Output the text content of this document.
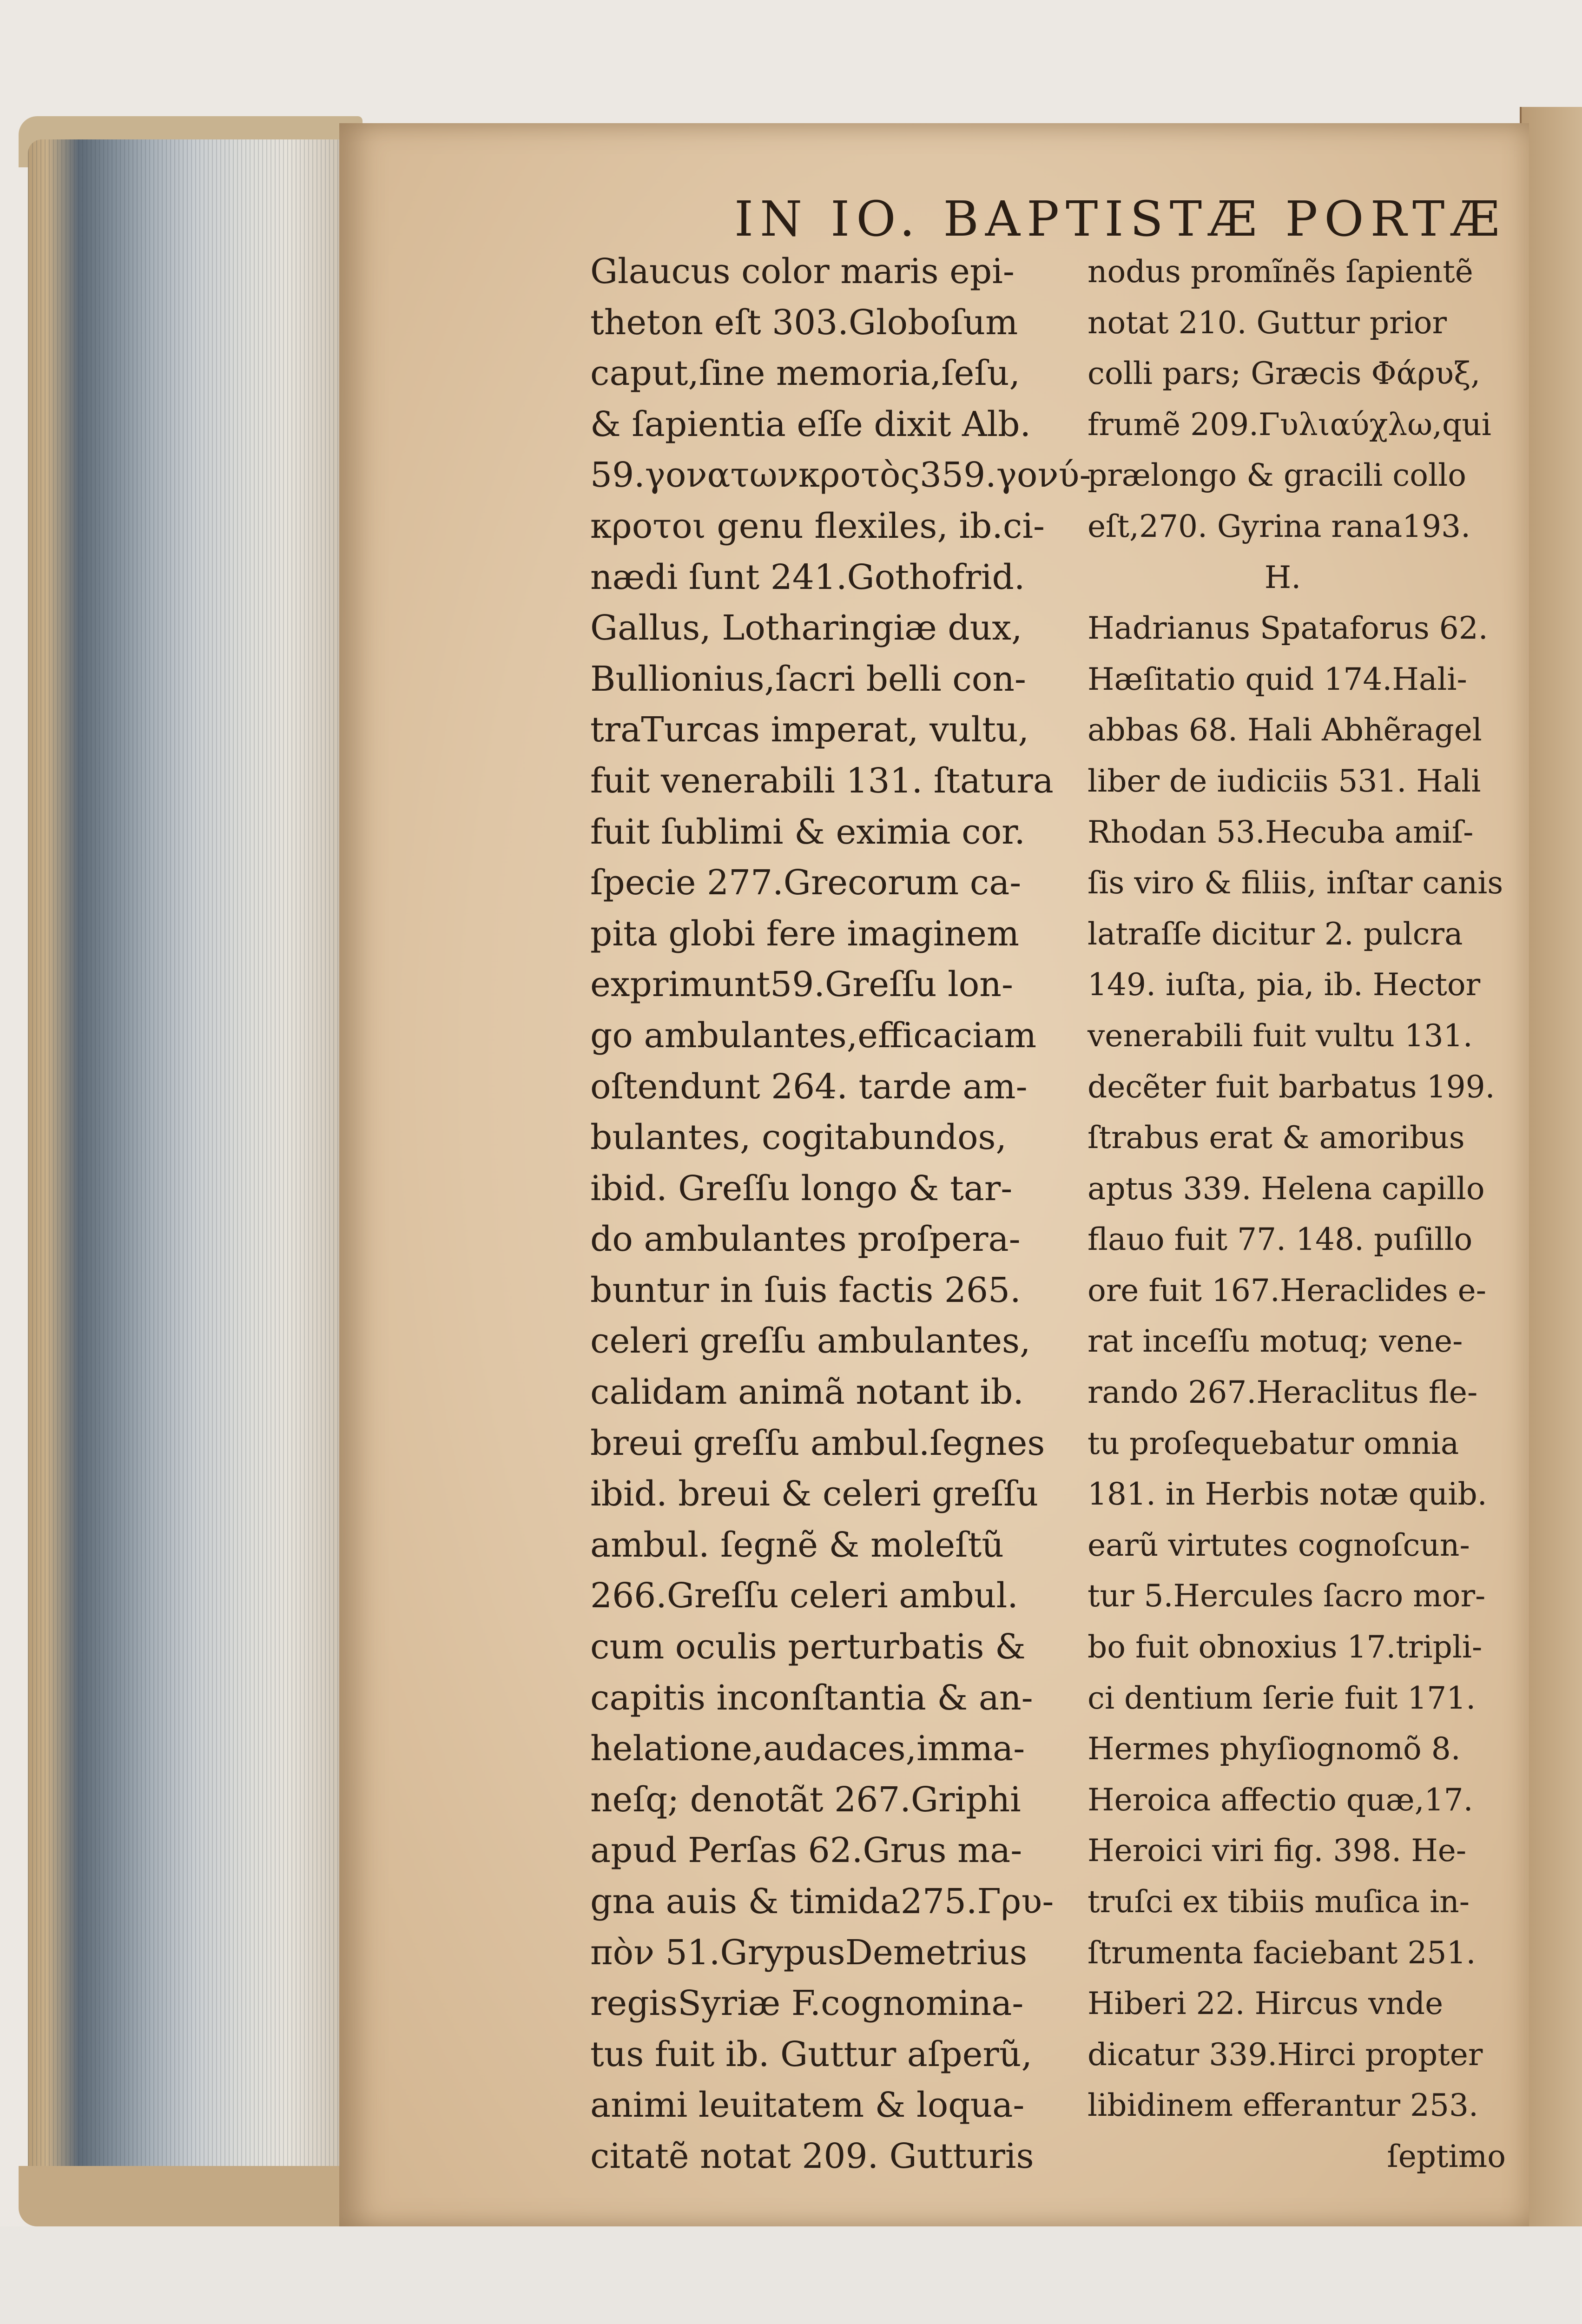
IN IO. BAPTISTÆ PORTÆ
Glaucus color maris epi-
theton eſt 303.Globoſum
caput,ſine memoria,ſeſu,
& ſapientia eſſe dixit Alb.
59.γονατωνκροτὸς359.γονύ-
κροτοι genu flexiles, ib.ci-
nædi ſunt 241.Gothofrid.
Gallus, Lotharingiæ dux,
Bullionius,ſacri belli con-
traTurcas imperat, vultu,
fuit venerabili 131. ſtatura
fuit ſublimi & eximia cor.
ſpecie 277.Grecorum ca-
pita globi fere imaginem
exprimunt59.Greſſu lon-
go ambulantes,efficaciam
oſtendunt 264. tarde am-
bulantes, cogitabundos,
ibid. Greſſu longo & tar-
do ambulantes proſpera-
buntur in ſuis factis 265.
celeri greſſu ambulantes,
calidam animã notant ib.
breui greſſu ambul.ſegnes
ibid. breui & celeri greſſu
ambul. ſegnẽ & moleſtũ
266.Greſſu celeri ambul.
cum oculis perturbatis &
capitis inconſtantia & an-
helatione,audaces,imma-
neſq; denotãt 267.Griphi
apud Perſas 62.Grus ma-
gna auis & timida275.Γρυ-
πὸν 51.GrypusDemetrius
regisSyriæ F.cognomina-
tus fuit ib. Guttur aſperũ,
animi leuitatem & loqua-
citatẽ notat 209. Gutturis
nodus promĩnẽs ſapientẽ
notat 210. Guttur prior
colli pars; Græcis Φάρυξ,
frumẽ 209.Γυλιαύχλω,qui
prælongo & gracili collo
eſt,270. Gyrina rana193.
H.
Hadrianus Spataforus 62.
Hæſitatio quid 174.Hali-
abbas 68. Hali Abhẽragel
liber de iudiciis 531. Hali
Rhodan 53.Hecuba amiſ-
ſis viro & filiis, inſtar canis
latraſſe dicitur 2. pulcra
149. iuſta, pia, ib. Hector
venerabili fuit vultu 131.
decẽter fuit barbatus 199.
ſtrabus erat & amoribus
aptus 339. Helena capillo
flauo fuit 77. 148. puſillo
ore fuit 167.Heraclides e-
rat inceſſu motuq; vene-
rando 267.Heraclitus fle-
tu proſequebatur omnia
181. in Herbis notæ quib.
earũ virtutes cognoſcun-
tur 5.Hercules ſacro mor-
bo fuit obnoxius 17.tripli-
ci dentium ſerie fuit 171.
Hermes phyſiognomõ 8.
Heroica affectio quæ,17.
Heroici viri fig. 398. He-
truſci ex tibiis muſica in-
ſtrumenta faciebant 251.
Hiberi 22. Hircus vnde
dicatur 339.Hirci propter
libidinem efferantur 253.
ſeptimo
